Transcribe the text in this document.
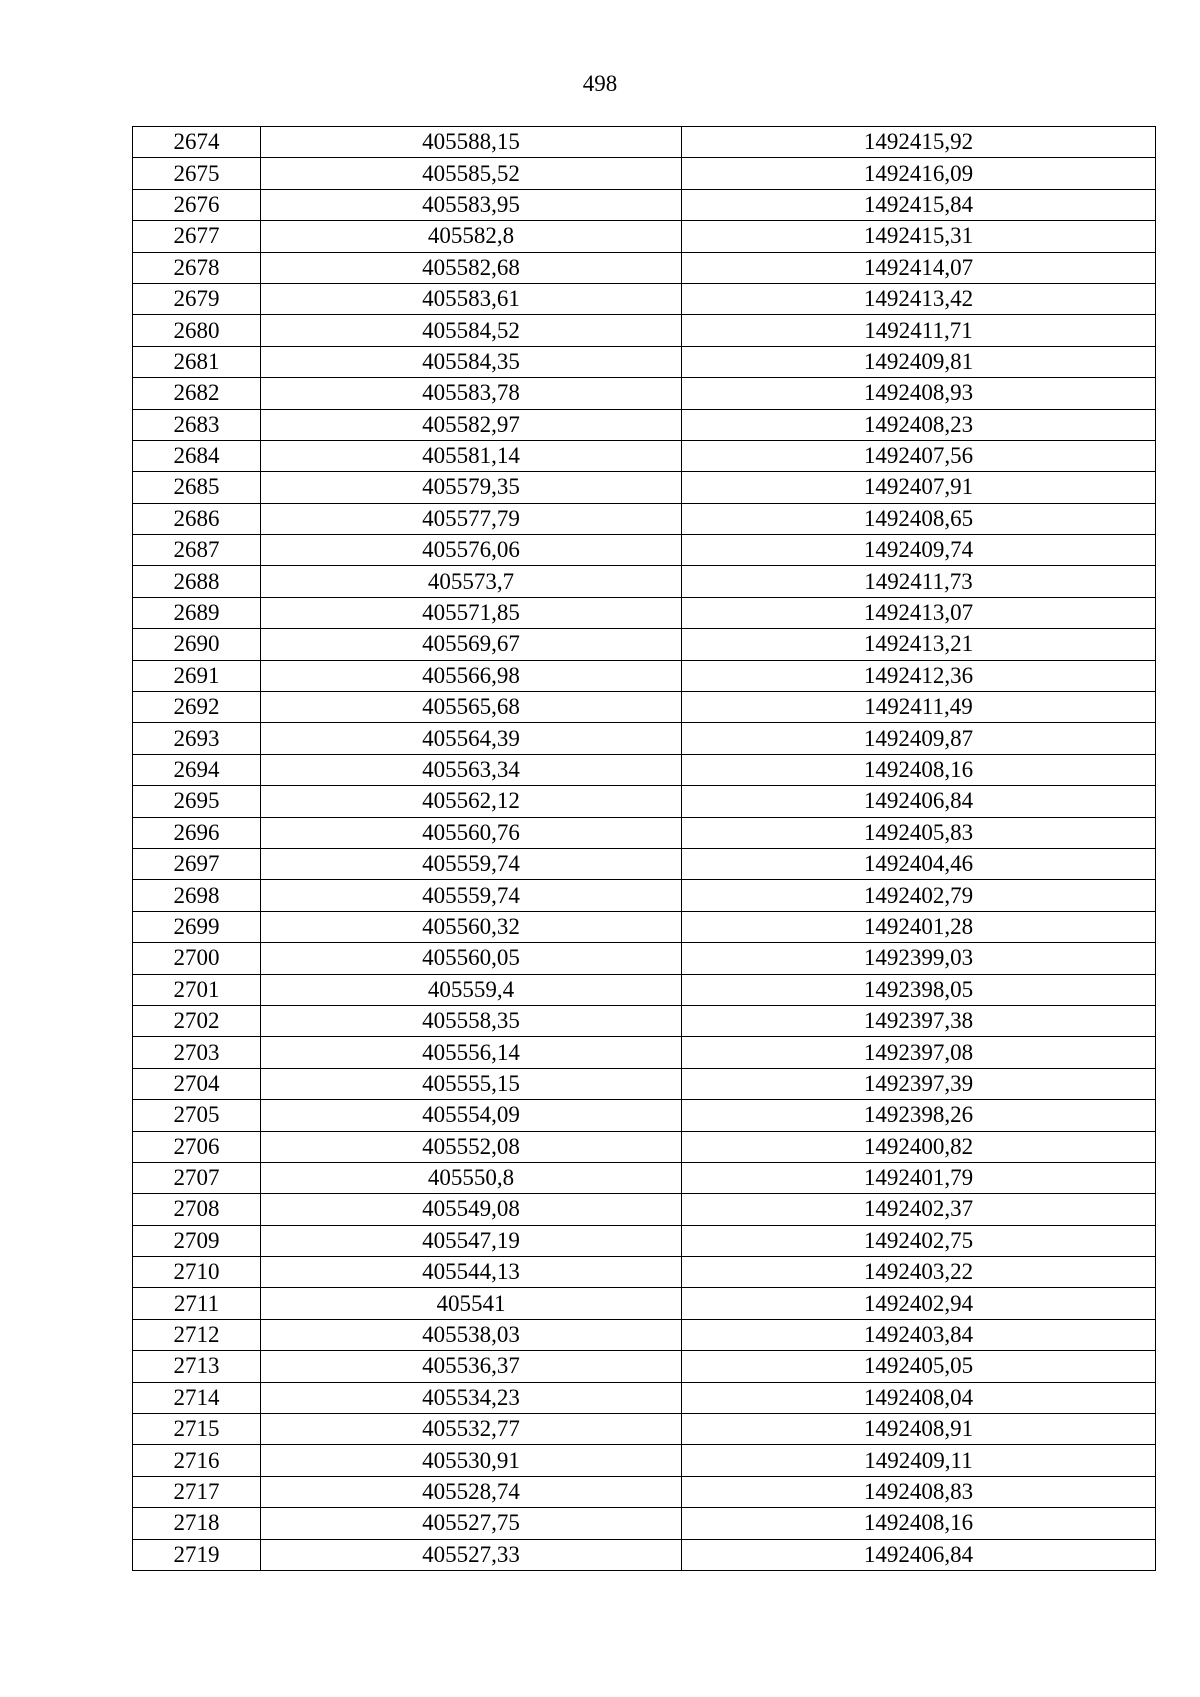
498
2674	405588,15	1492415,92
2675	405585,52	1492416,09
2676	405583,95	1492415,84
2677	405582,8	1492415,31
2678	405582,68	1492414,07
2679	405583,61	1492413,42
2680	405584,52	1492411,71
2681	405584,35	1492409,81
2682	405583,78	1492408,93
2683	405582,97	1492408,23
2684	405581,14	1492407,56
2685	405579,35	1492407,91
2686	405577,79	1492408,65
2687	405576,06	1492409,74
2688	405573,7	1492411,73
2689	405571,85	1492413,07
2690	405569,67	1492413,21
2691	405566,98	1492412,36
2692	405565,68	1492411,49
2693	405564,39	1492409,87
2694	405563,34	1492408,16
2695	405562,12	1492406,84
2696	405560,76	1492405,83
2697	405559,74	1492404,46
2698	405559,74	1492402,79
2699	405560,32	1492401,28
2700	405560,05	1492399,03
2701	405559,4	1492398,05
2702	405558,35	1492397,38
2703	405556,14	1492397,08
2704	405555,15	1492397,39
2705	405554,09	1492398,26
2706	405552,08	1492400,82
2707	405550,8	1492401,79
2708	405549,08	1492402,37
2709	405547,19	1492402,75
2710	405544,13	1492403,22
2711	405541	1492402,94
2712	405538,03	1492403,84
2713	405536,37	1492405,05
2714	405534,23	1492408,04
2715	405532,77	1492408,91
2716	405530,91	1492409,11
2717	405528,74	1492408,83
2718	405527,75	1492408,16
2719	405527,33	1492406,84
